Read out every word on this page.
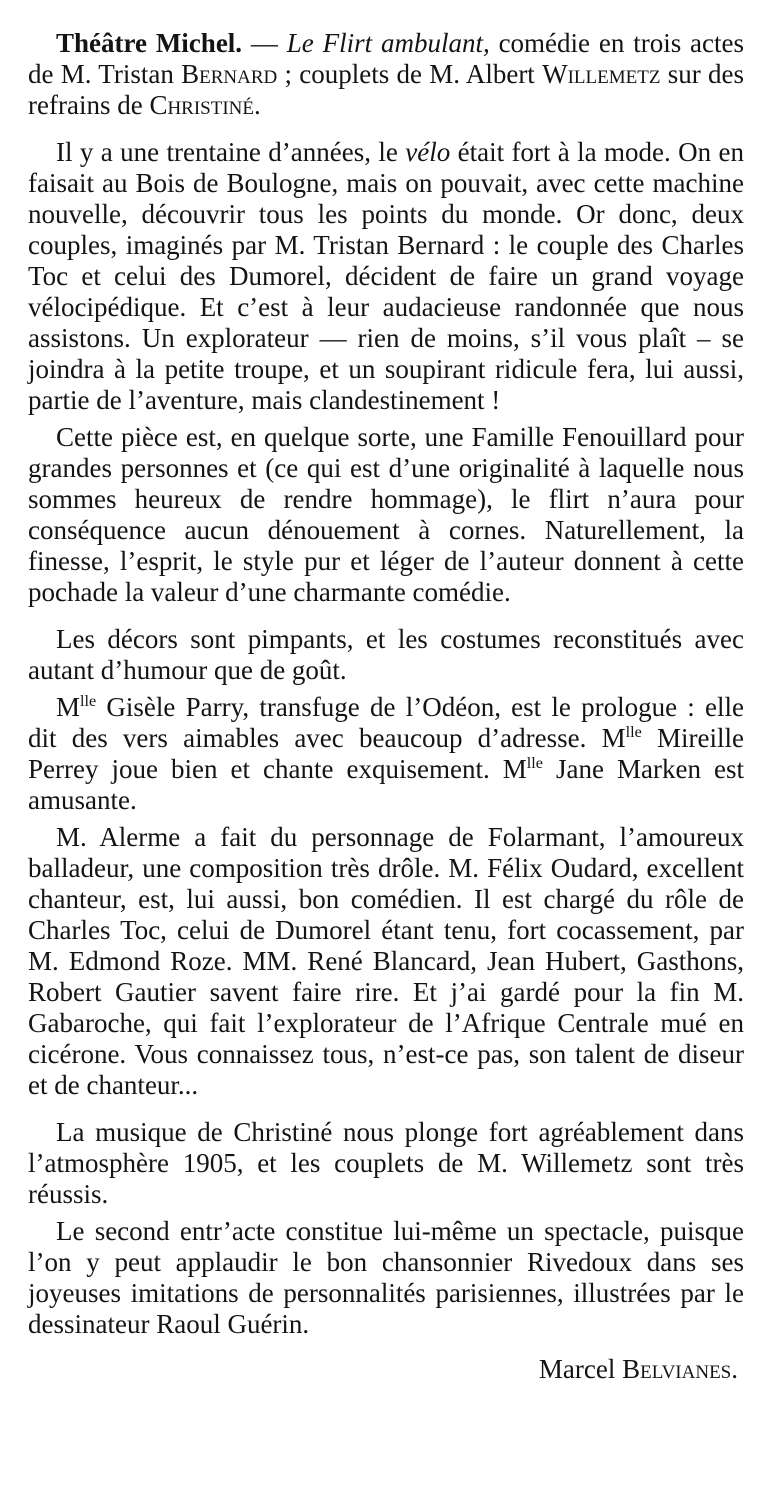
Théâtre Michel. — Le Flirt ambulant, comédie en trois actes de M. Tristan Bernard ; couplets de M. Albert Willemetz sur des refrains de Christiné.

Il y a une trentaine d’années, le vélo était fort à la mode. On en faisait au Bois de Boulogne, mais on pouvait, avec cette machine nouvelle, découvrir tous les points du monde. Or donc, deux couples, imaginés par M. Tristan Bernard : le couple des Charles Toc et celui des Dumorel, décident de faire un grand voyage vélocipédique. Et c’est à leur audacieuse randonnée que nous assistons. Un explorateur — rien de moins, s’il vous plaît – se joindra à la petite troupe, et un soupirant ridicule fera, lui aussi, partie de l’aventure, mais clandestinement !

Cette pièce est, en quelque sorte, une Famille Fenouillard pour grandes personnes et (ce qui est d’une originalité à laquelle nous sommes heureux de rendre hommage), le flirt n’aura pour conséquence aucun dénouement à cornes. Naturellement, la finesse, l’esprit, le style pur et léger de l’auteur donnent à cette pochade la valeur d’une charmante comédie.

Les décors sont pimpants, et les costumes reconstitués avec autant d’humour que de goût.

$M^{lle}$ Gisèle Parry, transfuge de l’Odéon, est le prologue : elle dit des vers aimables avec beaucoup d’adresse. $M^{lle}$ Mireille Perrey joue bien et chante exquisement. $M^{lle}$ Jane Marken est amusante.

M. Alerme a fait du personnage de Folarmant, l’amoureux balladeur, une composition très drôle. M. Félix Oudard, excellent chanteur, est, lui aussi, bon comédien. Il est chargé du rôle de Charles Toc, celui de Dumorel étant tenu, fort cocassement, par M. Edmond Roze. MM. René Blancard, Jean Hubert, Gasthons, Robert Gautier savent faire rire. Et j’ai gardé pour la fin M. Gabaroche, qui fait l’explorateur de l’Afrique Centrale mué en cicérone. Vous connaissez tous, n’est-ce pas, son talent de diseur et de chanteur...

La musique de Christiné nous plonge fort agréablement dans l’atmosphère 1905, et les couplets de M. Willemetz sont très réussis.

Le second entr’acte constitue lui-même un spectacle, puisque l’on y peut applaudir le bon chansonnier Rivedoux dans ses joyeuses imitations de personnalités parisiennes, illustrées par le dessinateur Raoul Guérin.

Marcel Belvianes.
